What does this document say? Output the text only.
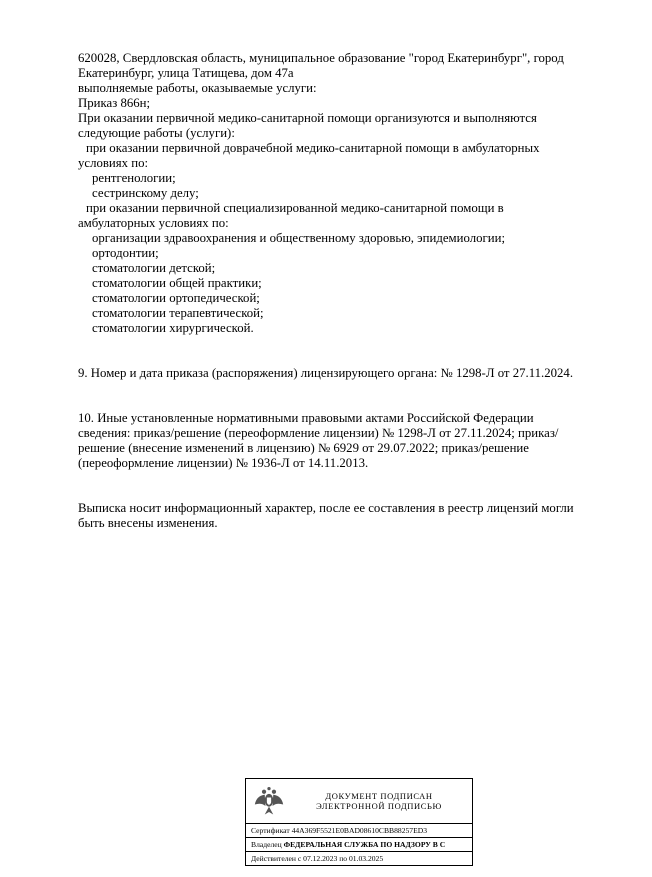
620028, Свердловская область, муниципальное образование "город Екатеринбург", город Екатеринбург, улица Татищева, дом 47а
выполняемые работы, оказываемые услуги:
Приказ 866н;
При оказании первичной медико-санитарной помощи организуются и выполняются следующие работы (услуги):
при оказании первичной доврачебной медико-санитарной помощи в амбулаторных условиях по:
рентгенологии;
сестринскому делу;
при оказании первичной специализированной медико-санитарной помощи в амбулаторных условиях по:
организации здравоохранения и общественному здоровью, эпидемиологии;
ортодонтии;
стоматологии детской;
стоматологии общей практики;
стоматологии ортопедической;
стоматологии терапевтической;
стоматологии хирургической.
9. Номер и дата приказа (распоряжения) лицензирующего органа: № 1298-Л от 27.11.2024.
10. Иные установленные нормативными правовыми актами Российской Федерации сведения: приказ/решение (переоформление лицензии) № 1298-Л от 27.11.2024; приказ/решение (внесение изменений в лицензию) № 6929 от 29.07.2022; приказ/решение (переоформление лицензии) № 1936-Л от 14.11.2013.
Выписка носит информационный характер, после ее составления в реестр лицензий могли быть внесены изменения.
ДОКУМЕНТ ПОДПИСАН
ЭЛЕКТРОННОЙ ПОДПИСЬЮ
Сертификат 44A369F5521E0BAD08610CBB88257ED3
Владелец ФЕДЕРАЛЬНАЯ СЛУЖБА ПО НАДЗОРУ В С
Действителен с 07.12.2023 по 01.03.2025
